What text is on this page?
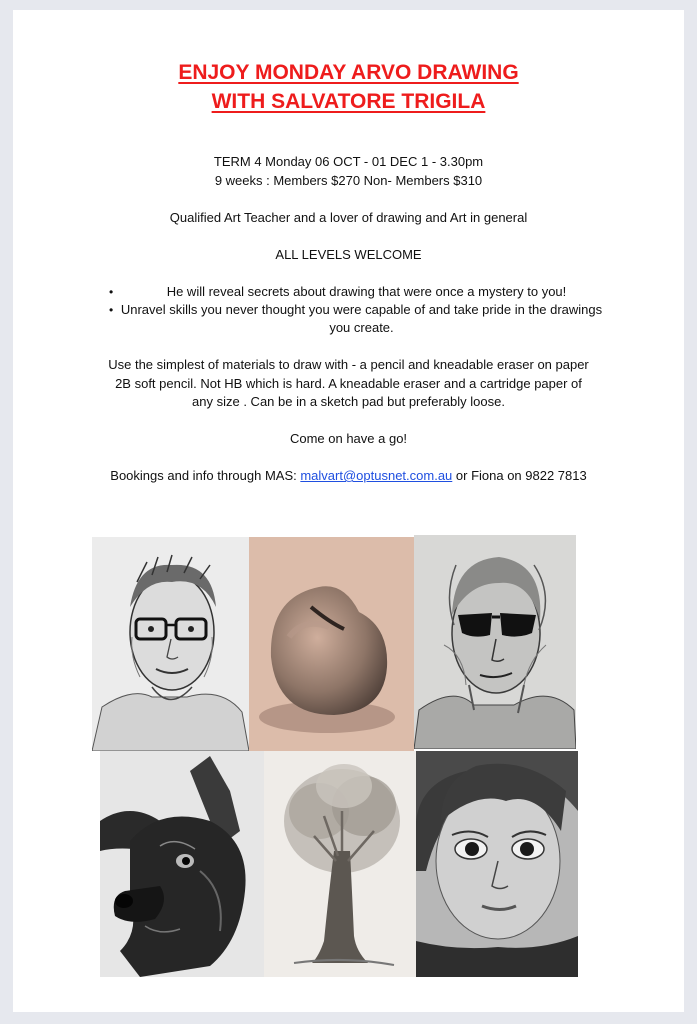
ENJOY MONDAY ARVO DRAWING
WITH SALVATORE TRIGILA

TERM 4 Monday 06 OCT - 01 DEC 1 - 3.30pm

9 weeks : Members $270 Non- Members $310

Qualified Art Teacher and a lover of drawing and Art in general

ALL LEVELS WELCOME

•	He will reveal secrets about drawing that were once a mystery to you!
• Unravel skills you never thought you were capable of and take pride in the drawings you create.

Use the simplest of materials to draw with - a pencil and kneadable eraser on paper

2B soft pencil. Not HB which is hard. A kneadable eraser and a cartridge paper of

any size . Can be in a sketch pad but preferably loose.

Come on have a go!

Bookings and info through MAS: malvart@optusnet.com.au or Fiona on 9822 7813
